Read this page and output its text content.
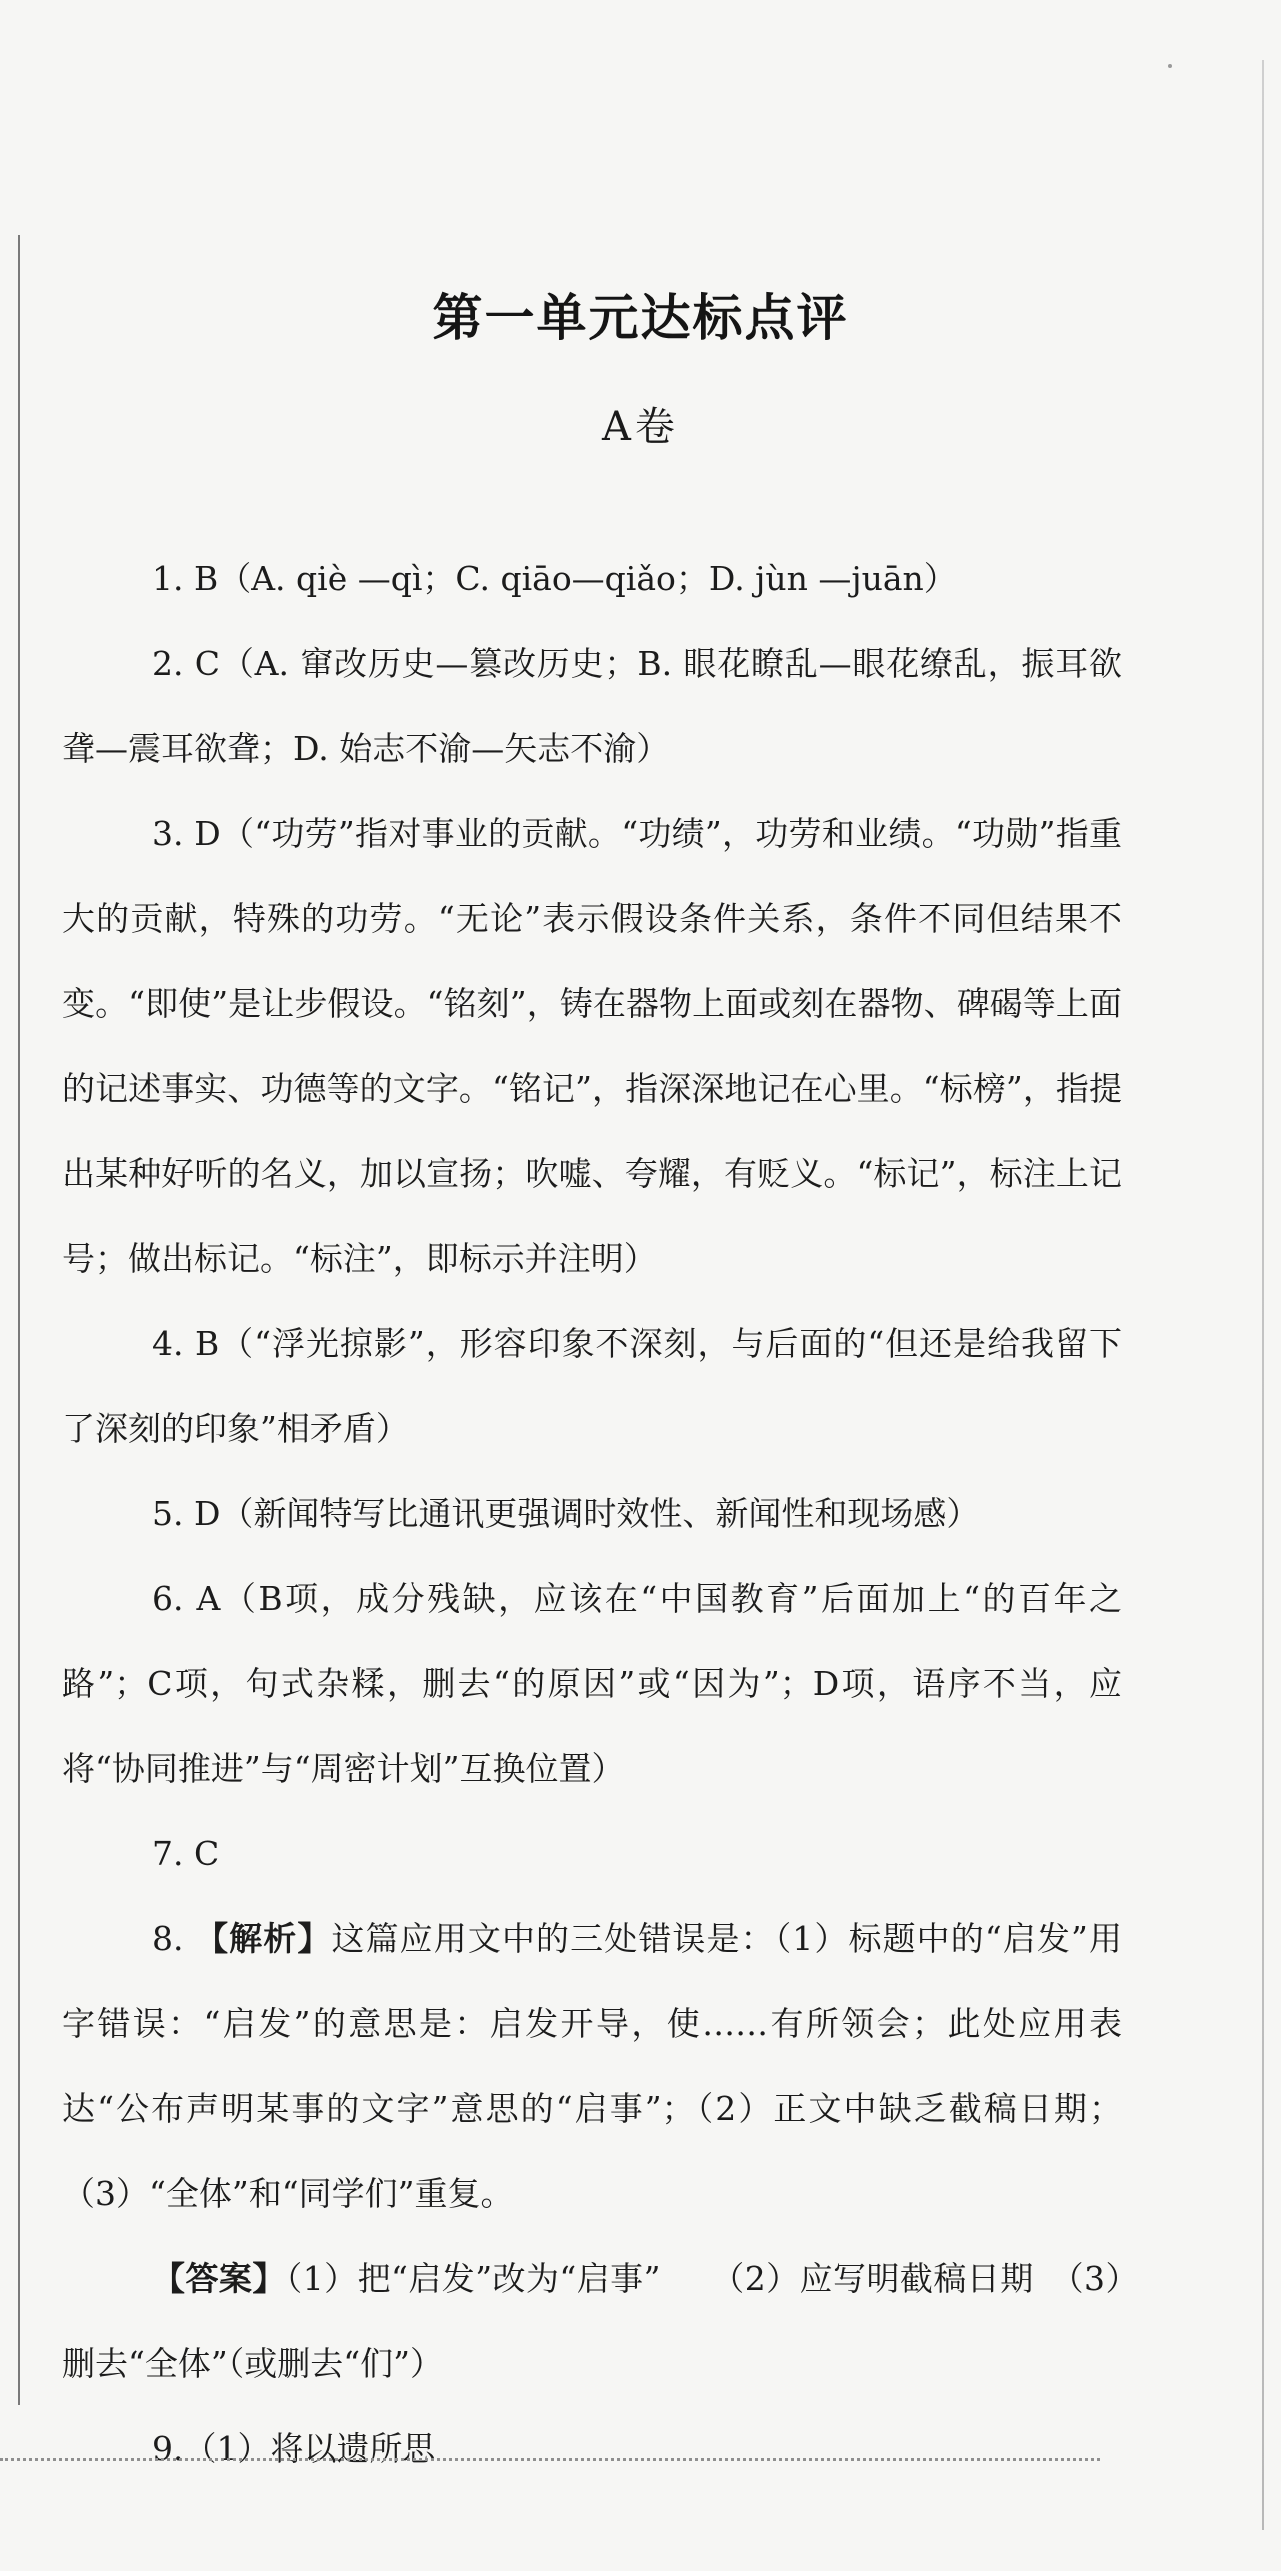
第一单元达标点评
A卷

1. B（A. qiè —qì；C. qiāo—qiǎo；D. jùn —juān）

2. C（A. 窜改历史—篡改历史；B. 眼花瞭乱—眼花缭乱，振耳欲聋—震耳欲聋；D. 始志不渝—矢志不渝）

3. D（“功劳”指对事业的贡献。“功绩”，功劳和业绩。“功勋”指重大的贡献，特殊的功劳。“无论”表示假设条件关系，条件不同但结果不变。“即使”是让步假设。“铭刻”，铸在器物上面或刻在器物、碑碣等上面的记述事实、功德等的文字。“铭记”，指深深地记在心里。“标榜”，指提出某种好听的名义，加以宣扬；吹嘘、夸耀，有贬义。“标记”，标注上记号；做出标记。“标注”，即标示并注明）

4. B（“浮光掠影”，形容印象不深刻，与后面的“但还是给我留下了深刻的印象”相矛盾）

5. D（新闻特写比通讯更强调时效性、新闻性和现场感）

6. A（B项，成分残缺，应该在“中国教育”后面加上“的百年之路”；C项，句式杂糅，删去“的原因”或“因为”；D项，语序不当，应将“协同推进”与“周密计划”互换位置）

7. C

8. 【解析】这篇应用文中的三处错误是：（1）标题中的“启发”用字错误：“启发”的意思是：启发开导，使……有所领会；此处应用表达“公布声明某事的文字”意思的“启事”；（2）正文中缺乏截稿日期；（3）“全体”和“同学们”重复。

【答案】（1）把“启发”改为“启事”　　（2）应写明截稿日期　（3）删去“全体”（或删去“们”）

9.（1）将以遗所思
